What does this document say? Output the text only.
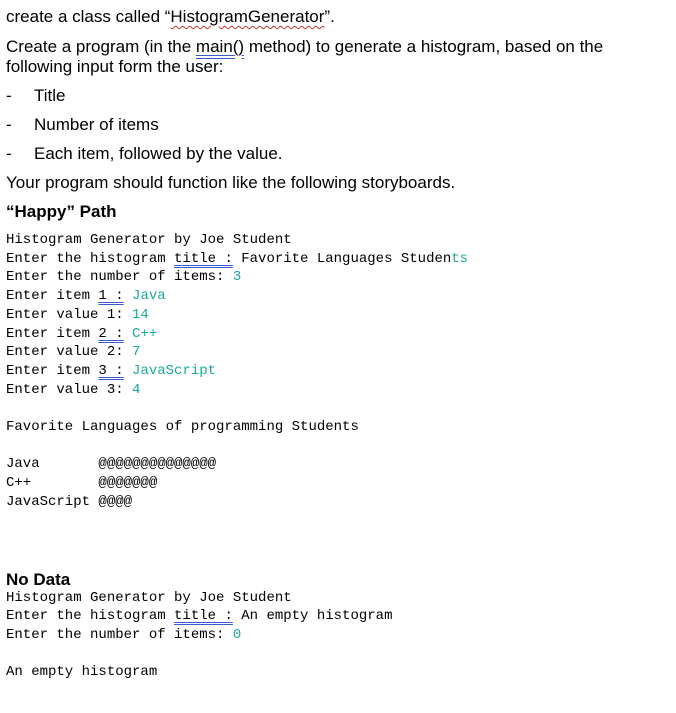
create a class called “HistogramGenerator”.
Create a program (in the main() method) to generate a histogram, based on the
following input form the user:
- Title
- Number of items
- Each item, followed by the value.
Your program should function like the following storyboards.
“Happy” Path
Histogram Generator by Joe Student
Enter the histogram title : Favorite Languages Students
Enter the number of items: 3
Enter item 1 : Java
Enter value 1: 14
Enter item 2 : C++
Enter value 2: 7
Enter item 3 : JavaScript
Enter value 3: 4
Favorite Languages of programming Students
Java       @@@@@@@@@@@@@@
C++        @@@@@@@
JavaScript @@@@
No Data
Histogram Generator by Joe Student
Enter the histogram title : An empty histogram
Enter the number of items: 0
An empty histogram
